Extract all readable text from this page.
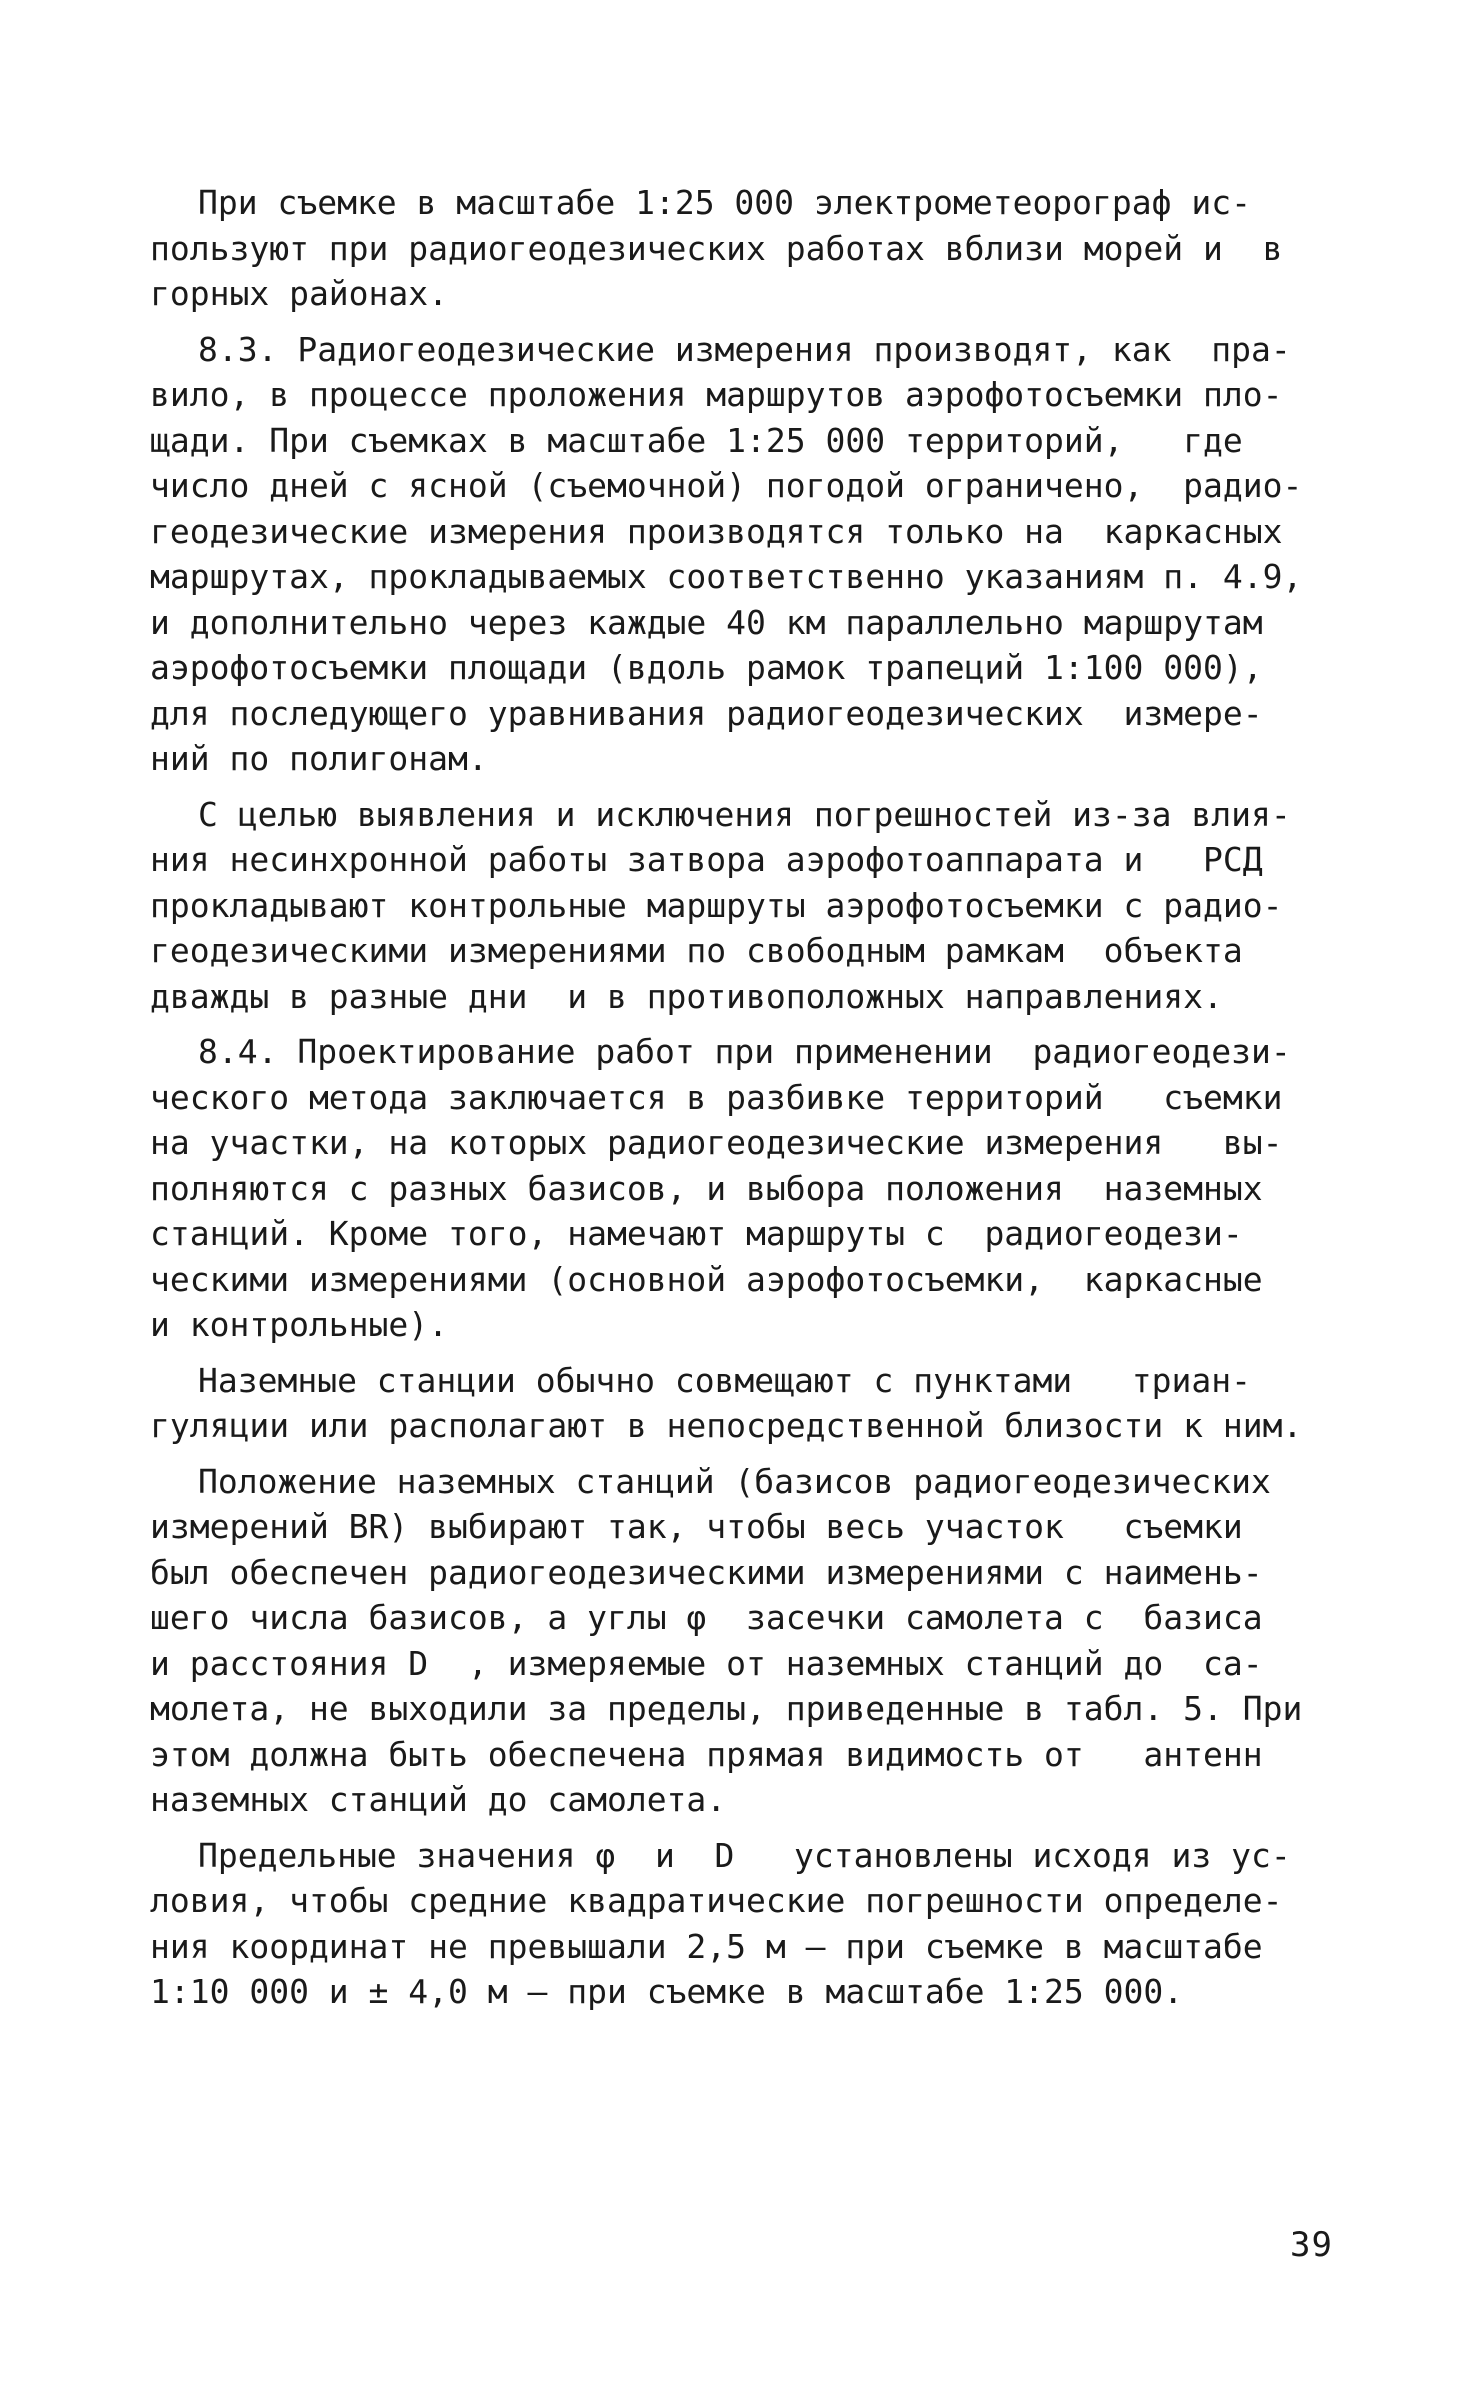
При съемке в масштабе 1:25 000 электрометеорограф ис-
пользуют при радиогеодезических работах вблизи морей и  в
горных районах.

8.3. Радиогеодезические измерения производят, как  пра-
вило, в процессе проложения маршрутов аэрофотосъемки пло-
щади. При съемках в масштабе 1:25 000 территорий,   где
число дней с ясной (съемочной) погодой ограничено,  радио-
геодезические измерения производятся только на  каркасных
маршрутах, прокладываемых соответственно указаниям п. 4.9,
и дополнительно через каждые 40 км параллельно маршрутам
аэрофотосъемки площади (вдоль рамок трапеций 1:100 000),
для последующего уравнивания радиогеодезических  измере-
ний по полигонам.

С целью выявления и исключения погрешностей из-за влия-
ния несинхронной работы затвора аэрофотоаппарата и   РСД
прокладывают контрольные маршруты аэрофотосъемки с радио-
геодезическими измерениями по свободным рамкам  объекта
дважды в разные дни  и в противоположных направлениях.

8.4. Проектирование работ при применении  радиогеодези-
ческого метода заключается в разбивке территорий   съемки
на участки, на которых радиогеодезические измерения   вы-
полняются с разных базисов, и выбора положения  наземных
станций. Кроме того, намечают маршруты с  радиогеодези-
ческими измерениями (основной аэрофотосъемки,  каркасные
и контрольные).

Наземные станции обычно совмещают с пунктами   триан-
гуляции или располагают в непосредственной близости к ним.

Положение наземных станций (базисов радиогеодезических
измерений BR) выбирают так, чтобы весь участок   съемки
был обеспечен радиогеодезическими измерениями с наимень-
шего числа базисов, а углы φ  засечки самолета с  базиса
и расстояния D  , измеряемые от наземных станций до  са-
молета, не выходили за пределы, приведенные в табл. 5. При
этом должна быть обеспечена прямая видимость от   антенн
наземных станций до самолета.

Предельные значения φ  и  D   установлены исходя из ус-
ловия, чтобы средние квадратические погрешности определе-
ния координат не превышали 2,5 м – при съемке в масштабе
1:10 000 и ± 4,0 м – при съемке в масштабе 1:25 000.

39
